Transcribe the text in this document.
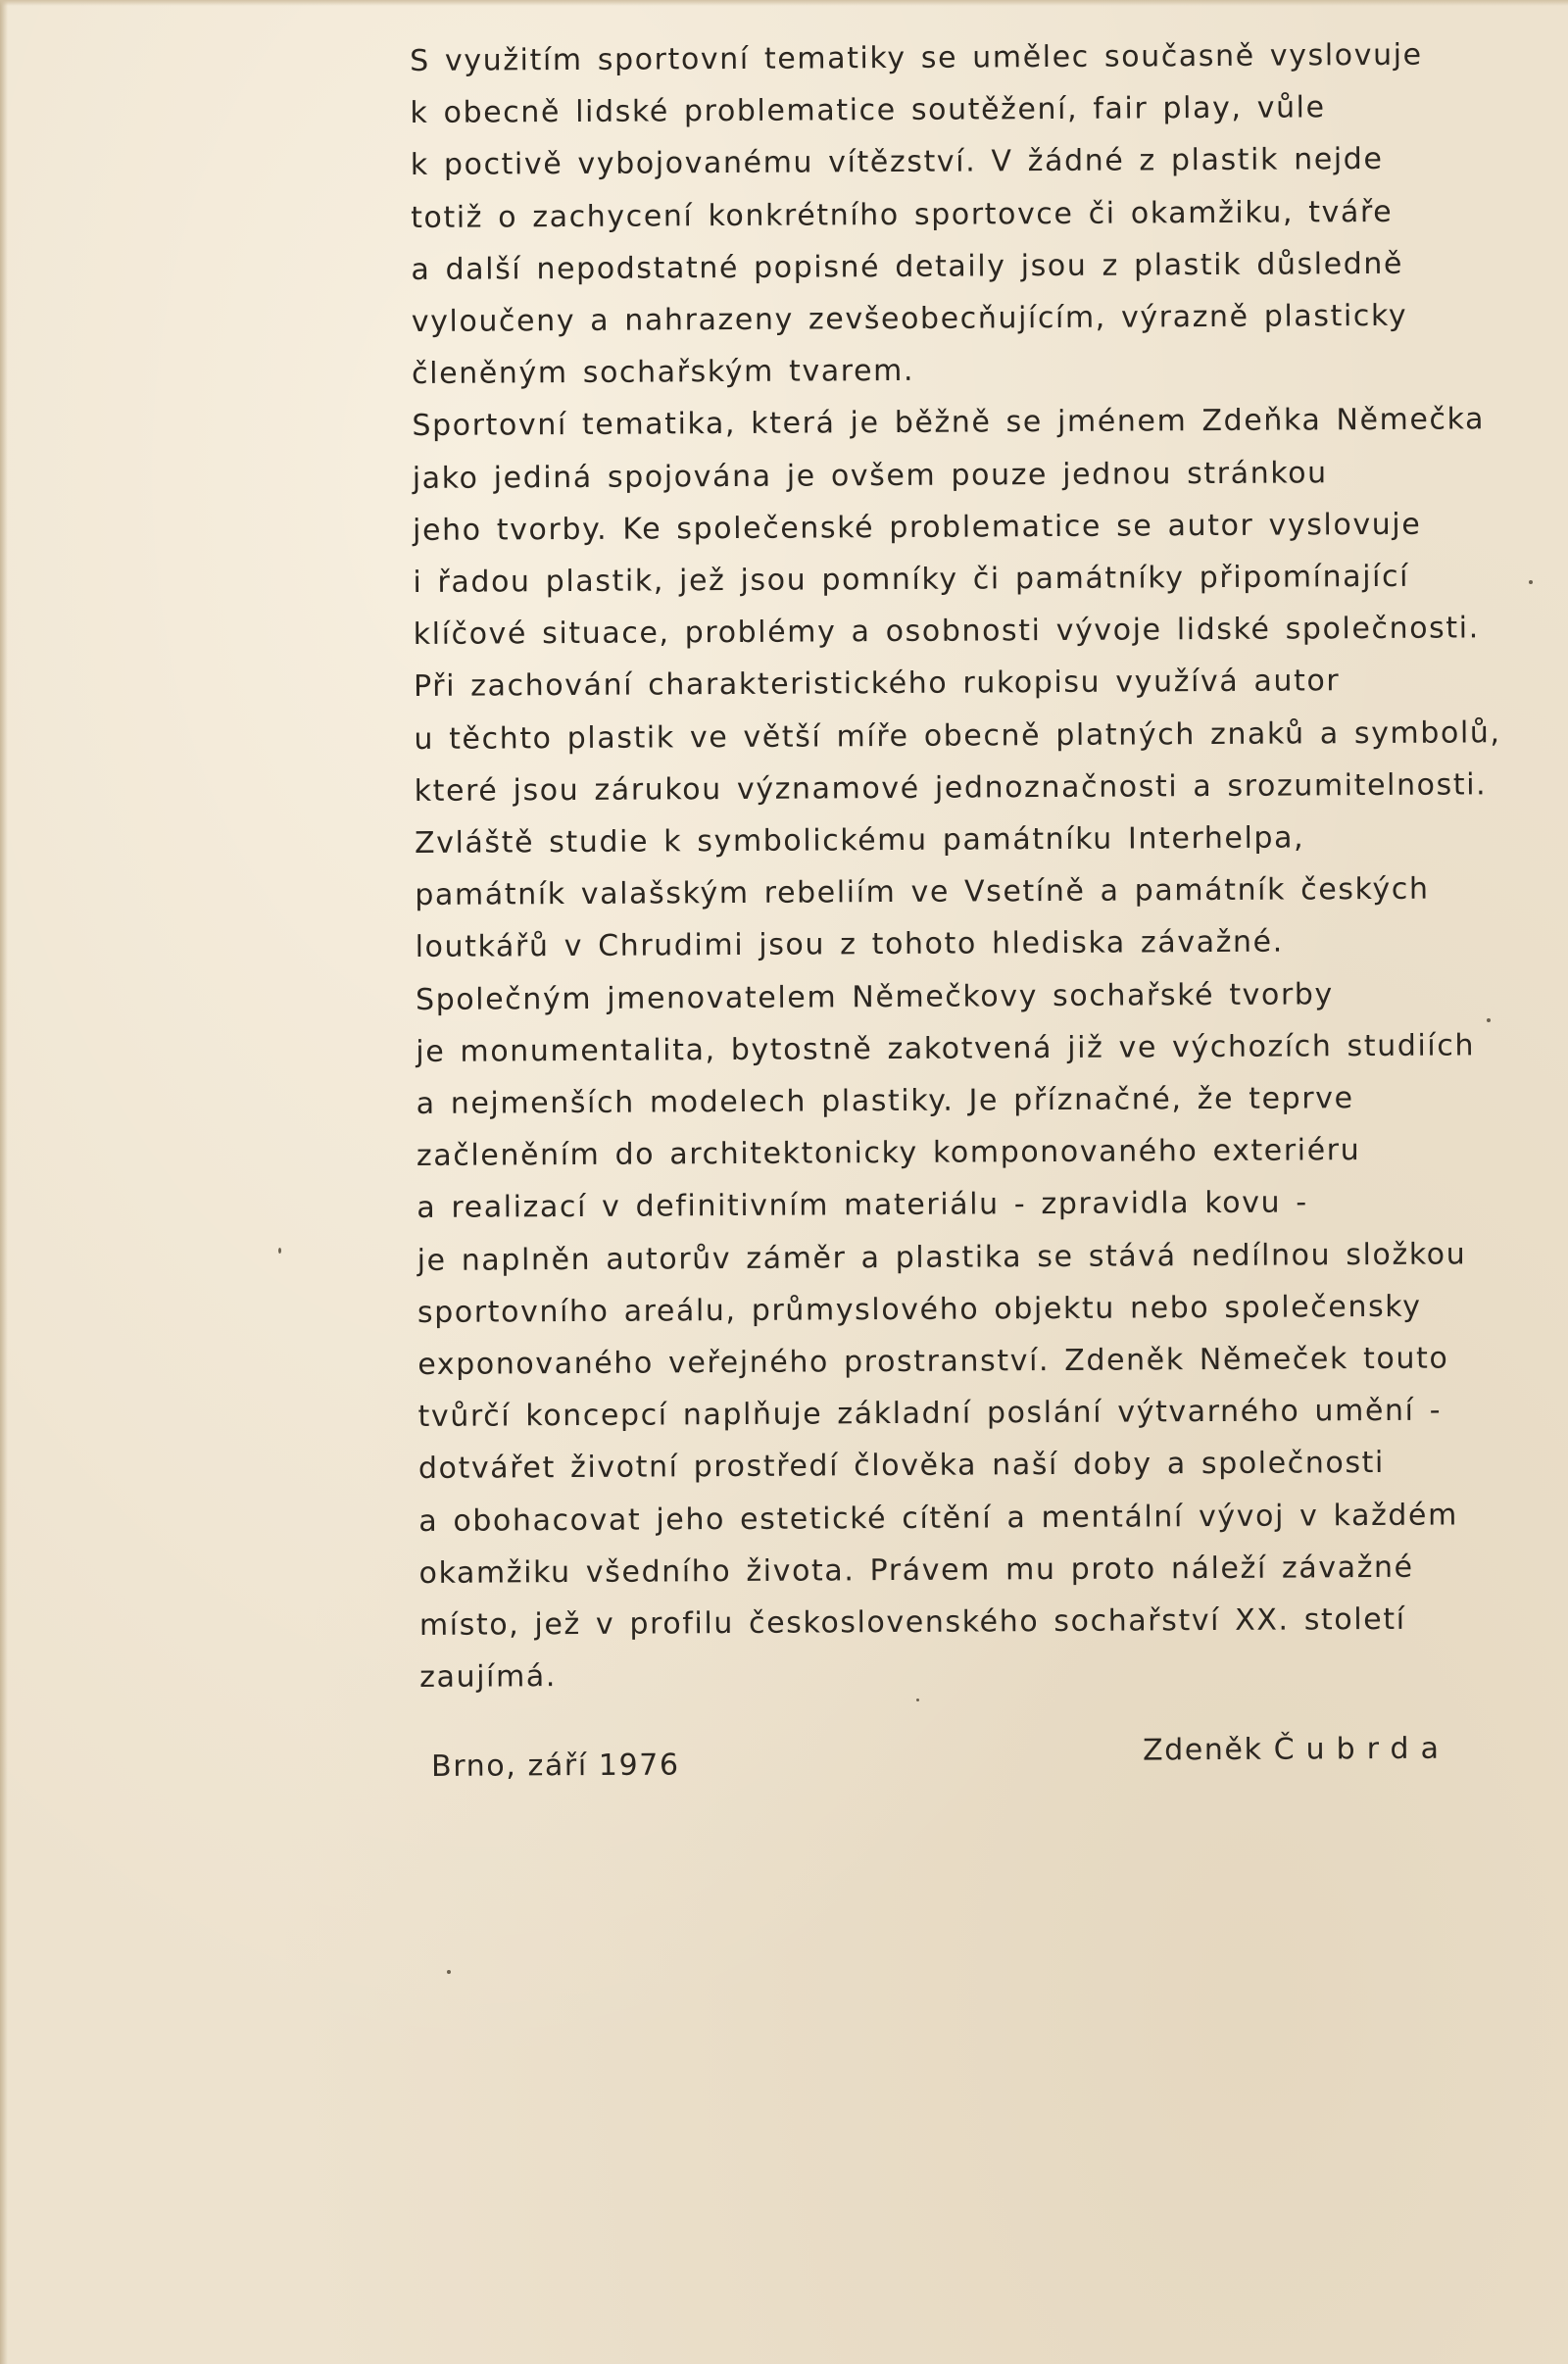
S využitím sportovní tematiky se umělec současně vyslovuje
k obecně lidské problematice soutěžení, fair play, vůle
k poctivě vybojovanému vítězství. V žádné z plastik nejde
totiž o zachycení konkrétního sportovce či okamžiku, tváře
a další nepodstatné popisné detaily jsou z plastik důsledně
vyloučeny a nahrazeny zevšeobecňujícím, výrazně plasticky
členěným sochařským tvarem.
Sportovní tematika, která je běžně se jménem Zdeňka Němečka
jako jediná spojována je ovšem pouze jednou stránkou
jeho tvorby. Ke společenské problematice se autor vyslovuje
i řadou plastik, jež jsou pomníky či památníky připomínající
klíčové situace, problémy a osobnosti vývoje lidské společnosti.
Při zachování charakteristického rukopisu využívá autor
u těchto plastik ve větší míře obecně platných znaků a symbolů,
které jsou zárukou významové jednoznačnosti a srozumitelnosti.
Zvláště studie k symbolickému památníku Interhelpa,
památník valašským rebeliím ve Vsetíně a památník českých
loutkářů v Chrudimi jsou z tohoto hlediska závažné.
Společným jmenovatelem Němečkovy sochařské tvorby
je monumentalita, bytostně zakotvená již ve výchozích studiích
a nejmenších modelech plastiky. Je příznačné, že teprve
začleněním do architektonicky komponovaného exteriéru
a realizací v definitivním materiálu - zpravidla kovu -
je naplněn autorův záměr a plastika se stává nedílnou složkou
sportovního areálu, průmyslového objektu nebo společensky
exponovaného veřejného prostranství. Zdeněk Němeček touto
tvůrčí koncepcí naplňuje základní poslání výtvarného umění -
dotvářet životní prostředí člověka naší doby a společnosti
a obohacovat jeho estetické cítění a mentální vývoj v každém
okamžiku všedního života. Právem mu proto náleží závažné
místo, jež v profilu československého sochařství XX. století
zaujímá.
Brno, září 1976	Zdeněk Čubrda
